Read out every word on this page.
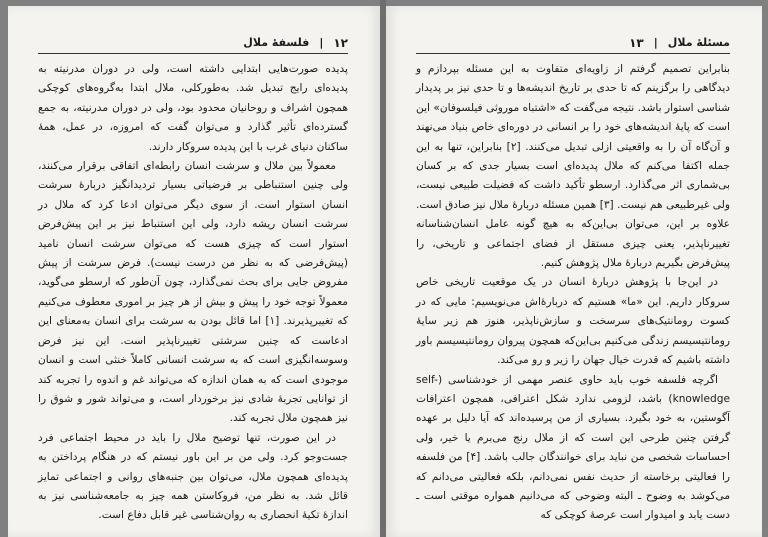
۱۲
|
فلسفهٔ ملال

پدیده صورت‌هایی ابتدایی داشته است، ولی در دوران مدرنیته به پدیده‌ای رایج تبدیل شد. به‌طورکلی، ملال ابتدا به‌گروه‌های کوچکی همچون اشراف و روحانیان محدود بود، ولی در دوران مدرنیته، به جمع گسترده‌ای تأثیر گذارد و می‌توان گفت که امروزه، در عمل، همهٔ ساکنان دنیای غرب با این پدیده سروکار دارند.

معمولاً بین ملال و سرشت انسان رابطه‌ای اتفاقی برقرار می‌کنند، ولی چنین استنباطی بر فرضیاتی بسیار تردیدانگیز دربارهٔ سرشت انسان استوار است. از سوی دیگر می‌توان ادعا کرد که ملال در سرشت انسان ریشه دارد، ولی این استنباط نیز بر این پیش‌فرض استوار است که چیزی هست که می‌توان سرشت انسان نامید (پیش‌فرضی که به نظر من درست نیست). فرض سرشت از پیش مفروض جایی برای بحث نمی‌گذارد، چون آن‌طور که ارسطو می‌گوید، معمولاً توجه خود را پیش و بیش از هر چیز بر اموری معطوف می‌کنیم که تغییرپذیرند. [۱] اما قائل بودن به سرشت برای انسان به‌معنای این ادعاست که چنین سرشتی تغییرناپذیر است. این نیز فرض وسوسه‌انگیزی است که به سرشت انسانی کاملاً خنثی است و انسان موجودی است که به همان اندازه که می‌تواند غم و اندوه را تجربه کند از توانایی تجربهٔ شادی نیز برخوردار است، و می‌تواند شور و شوق را نیز همچون ملال تجربه کند.

در این صورت، تنها توضیح ملال را باید در محیط اجتماعی فرد جست‌وجو کرد. ولی من بر این باور نیستم که در هنگام پرداختن به پدیده‌ای همچون ملال، می‌توان بین جنبه‌های روانی و اجتماعی تمایز قائل شد. به نظر من، فروکاستن همه چیز به جامعه‌شناسی نیز به اندازهٔ تکیهٔ انحصاری به روان‌شناسی غیر قابل دفاع است.

مسئلهٔ ملال
|
۱۳

بنابراین تصمیم گرفتم از زاویه‌ای متفاوت به این مسئله بپردازم و دیدگاهی را برگزینم که تا حدی بر تاریخ اندیشه‌ها و تا حدی نیز بر پدیدار شناسی استوار باشد. نتیجه می‌گفت که «اشتباه موروثی فیلسوفان» این است که پایهٔ اندیشه‌های خود را بر انسانی در دوره‌ای خاص بنیاد می‌نهند و آن‌گاه آن را به واقعیتی ازلی تبدیل می‌کنند. [۲] بنابراین، تنها به این جمله اکتفا می‌کنم که ملال پدیده‌ای است بسیار جدی که بر کسان بی‌شماری اثر می‌گذارد. ارسطو تأکید داشت که فضیلت طبیعی نیست، ولی غیرطبیعی هم نیست. [۳] همین مسئله دربارهٔ ملال نیز صادق است. علاوه بر این، می‌توان بی‌این‌که به هیچ گونه عامل انسان‌شناسانه تغییرناپذیر، یعنی چیزی مستقل از فضای اجتماعی و تاریخی، را پیش‌فرض بگیریم دربارهٔ ملال پژوهش کنیم.

در این‌جا با پژوهش دربارهٔ انسان در یک موقعیت تاریخی خاص سروکار داریم. این «ما» هستیم که دربارهٔ‌اش می‌نویسیم: مایی که در کسوت رومانتیک‌های سرسخت و سازش‌ناپذیر، هنوز هم زیر سایهٔ رومانتیسیسم زندگی می‌کنیم بی‌این‌که همچون پیروان رومانتیسیسم باور داشته باشیم که قدرت خیال جهان را زیر و رو می‌کند.

اگرچه فلسفه خوب باید حاوی عنصر مهمی از خودشناسی (self-knowledge) باشد، لزومی ندارد شکل اعترافی، همچون اعترافات آگوستین، به خود بگیرد. بسیاری از من پرسیده‌اند که آیا دلیل بر عهده گرفتن چنین طرحی این است که از ملال رنج می‌برم یا خیر، ولی احساسات شخصی من نباید برای خوانندگان جالب باشد. [۴] من فلسفه را فعالیتی برخاسته از حدیث نفس نمی‌دانم، بلکه فعالیتی می‌دانم که می‌کوشد به وضوح ـ البته وضوحی که می‌دانیم همواره موقتی است ـ دست یابد و امیدوار است عرصهٔ کوچکی که
